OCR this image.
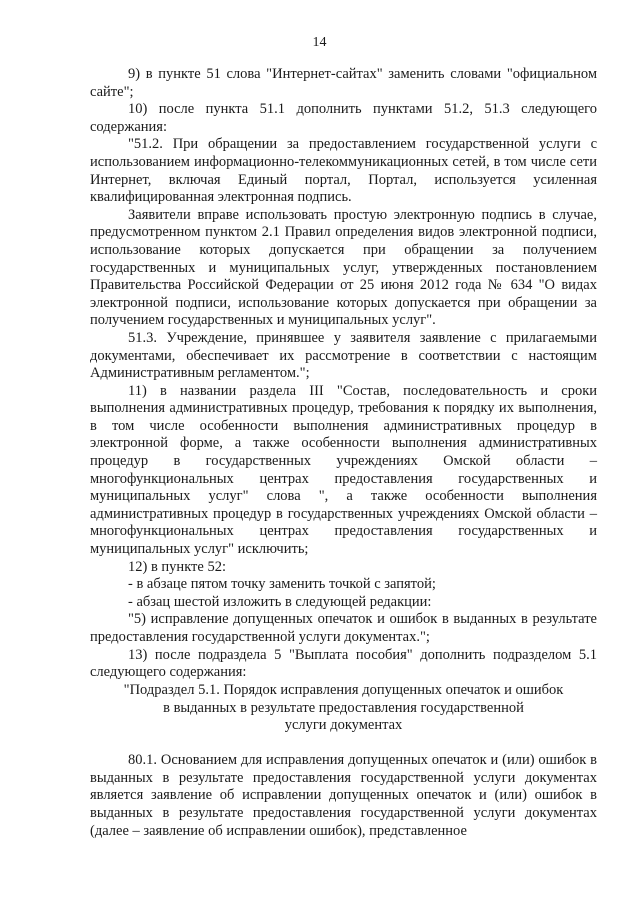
14

9) в пункте 51 слова "Интернет-сайтах" заменить словами "официальном сайте";

10) после пункта 51.1 дополнить пунктами 51.2, 51.3 следующего содержания:

"51.2. При обращении за предоставлением государственной услуги с использованием информационно-телекоммуникационных сетей, в том числе сети Интернет, включая Единый портал, Портал, используется усиленная квалифицированная электронная подпись.

Заявители вправе использовать простую электронную подпись в случае, предусмотренном пунктом 2.1 Правил определения видов электронной подписи, использование которых допускается при обращении за получением государственных и муниципальных услуг, утвержденных постановлением Правительства Российской Федерации от 25 июня 2012 года № 634 "О видах электронной подписи, использование которых допускается при обращении за получением государственных и муниципальных услуг".

51.3. Учреждение, принявшее у заявителя заявление с прилагаемыми документами, обеспечивает их рассмотрение в соответствии с настоящим Административным регламентом.";

11) в названии раздела III "Состав, последовательность и сроки выполнения административных процедур, требования к порядку их выполнения, в том числе особенности выполнения административных процедур в электронной форме, а также особенности выполнения административных процедур в государственных учреждениях Омской области – многофункциональных центрах предоставления государственных и муниципальных услуг" слова ", а также особенности выполнения административных процедур в государственных учреждениях Омской области – многофункциональных центрах предоставления государственных и муниципальных услуг" исключить;

12) в пункте 52:

- в абзаце пятом точку заменить точкой с запятой;

- абзац шестой изложить в следующей редакции:

"5) исправление допущенных опечаток и ошибок в выданных в результате предоставления государственной услуги документах.";

13) после подраздела 5 "Выплата пособия" дополнить подразделом 5.1 следующего содержания:

"Подраздел 5.1. Порядок исправления допущенных опечаток и ошибок
в выданных в результате предоставления государственной
услуги документах

80.1. Основанием для исправления допущенных опечаток и (или) ошибок в выданных в результате предоставления государственной услуги документах является заявление об исправлении допущенных опечаток и (или) ошибок в выданных в результате предоставления государственной услуги документах (далее – заявление об исправлении ошибок), представленное
